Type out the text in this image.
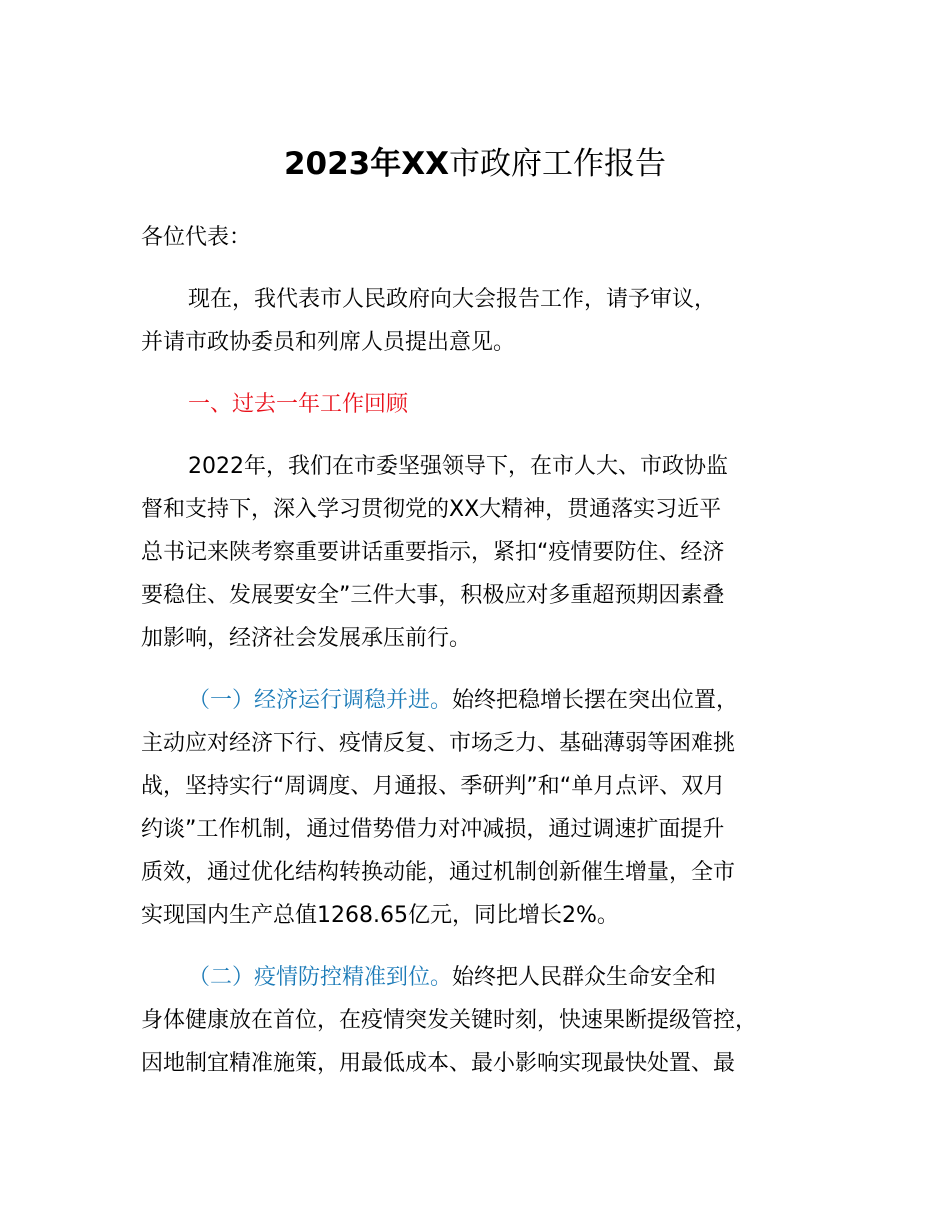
2023年XX市政府工作报告
各位代表：
现在，我代表市人民政府向大会报告工作，请予审议，
并请市政协委员和列席人员提出意见。
一、过去一年工作回顾
2022年，我们在市委坚强领导下，在市人大、市政协监
督和支持下，深入学习贯彻党的XX大精神，贯通落实习近平
总书记来陕考察重要讲话重要指示，紧扣“疫情要防住、经济
要稳住、发展要安全”三件大事，积极应对多重超预期因素叠
加影响，经济社会发展承压前行。
（一）经济运行调稳并进。始终把稳增长摆在突出位置，
主动应对经济下行、疫情反复、市场乏力、基础薄弱等困难挑
战，坚持实行“周调度、月通报、季研判”和“单月点评、双月
约谈”工作机制，通过借势借力对冲减损，通过调速扩面提升
质效，通过优化结构转换动能，通过机制创新催生增量，全市
实现国内生产总值1268.65亿元，同比增长2%。
（二）疫情防控精准到位。始终把人民群众生命安全和
身体健康放在首位，在疫情突发关键时刻，快速果断提级管控，
因地制宜精准施策，用最低成本、最小影响实现最快处置、最
